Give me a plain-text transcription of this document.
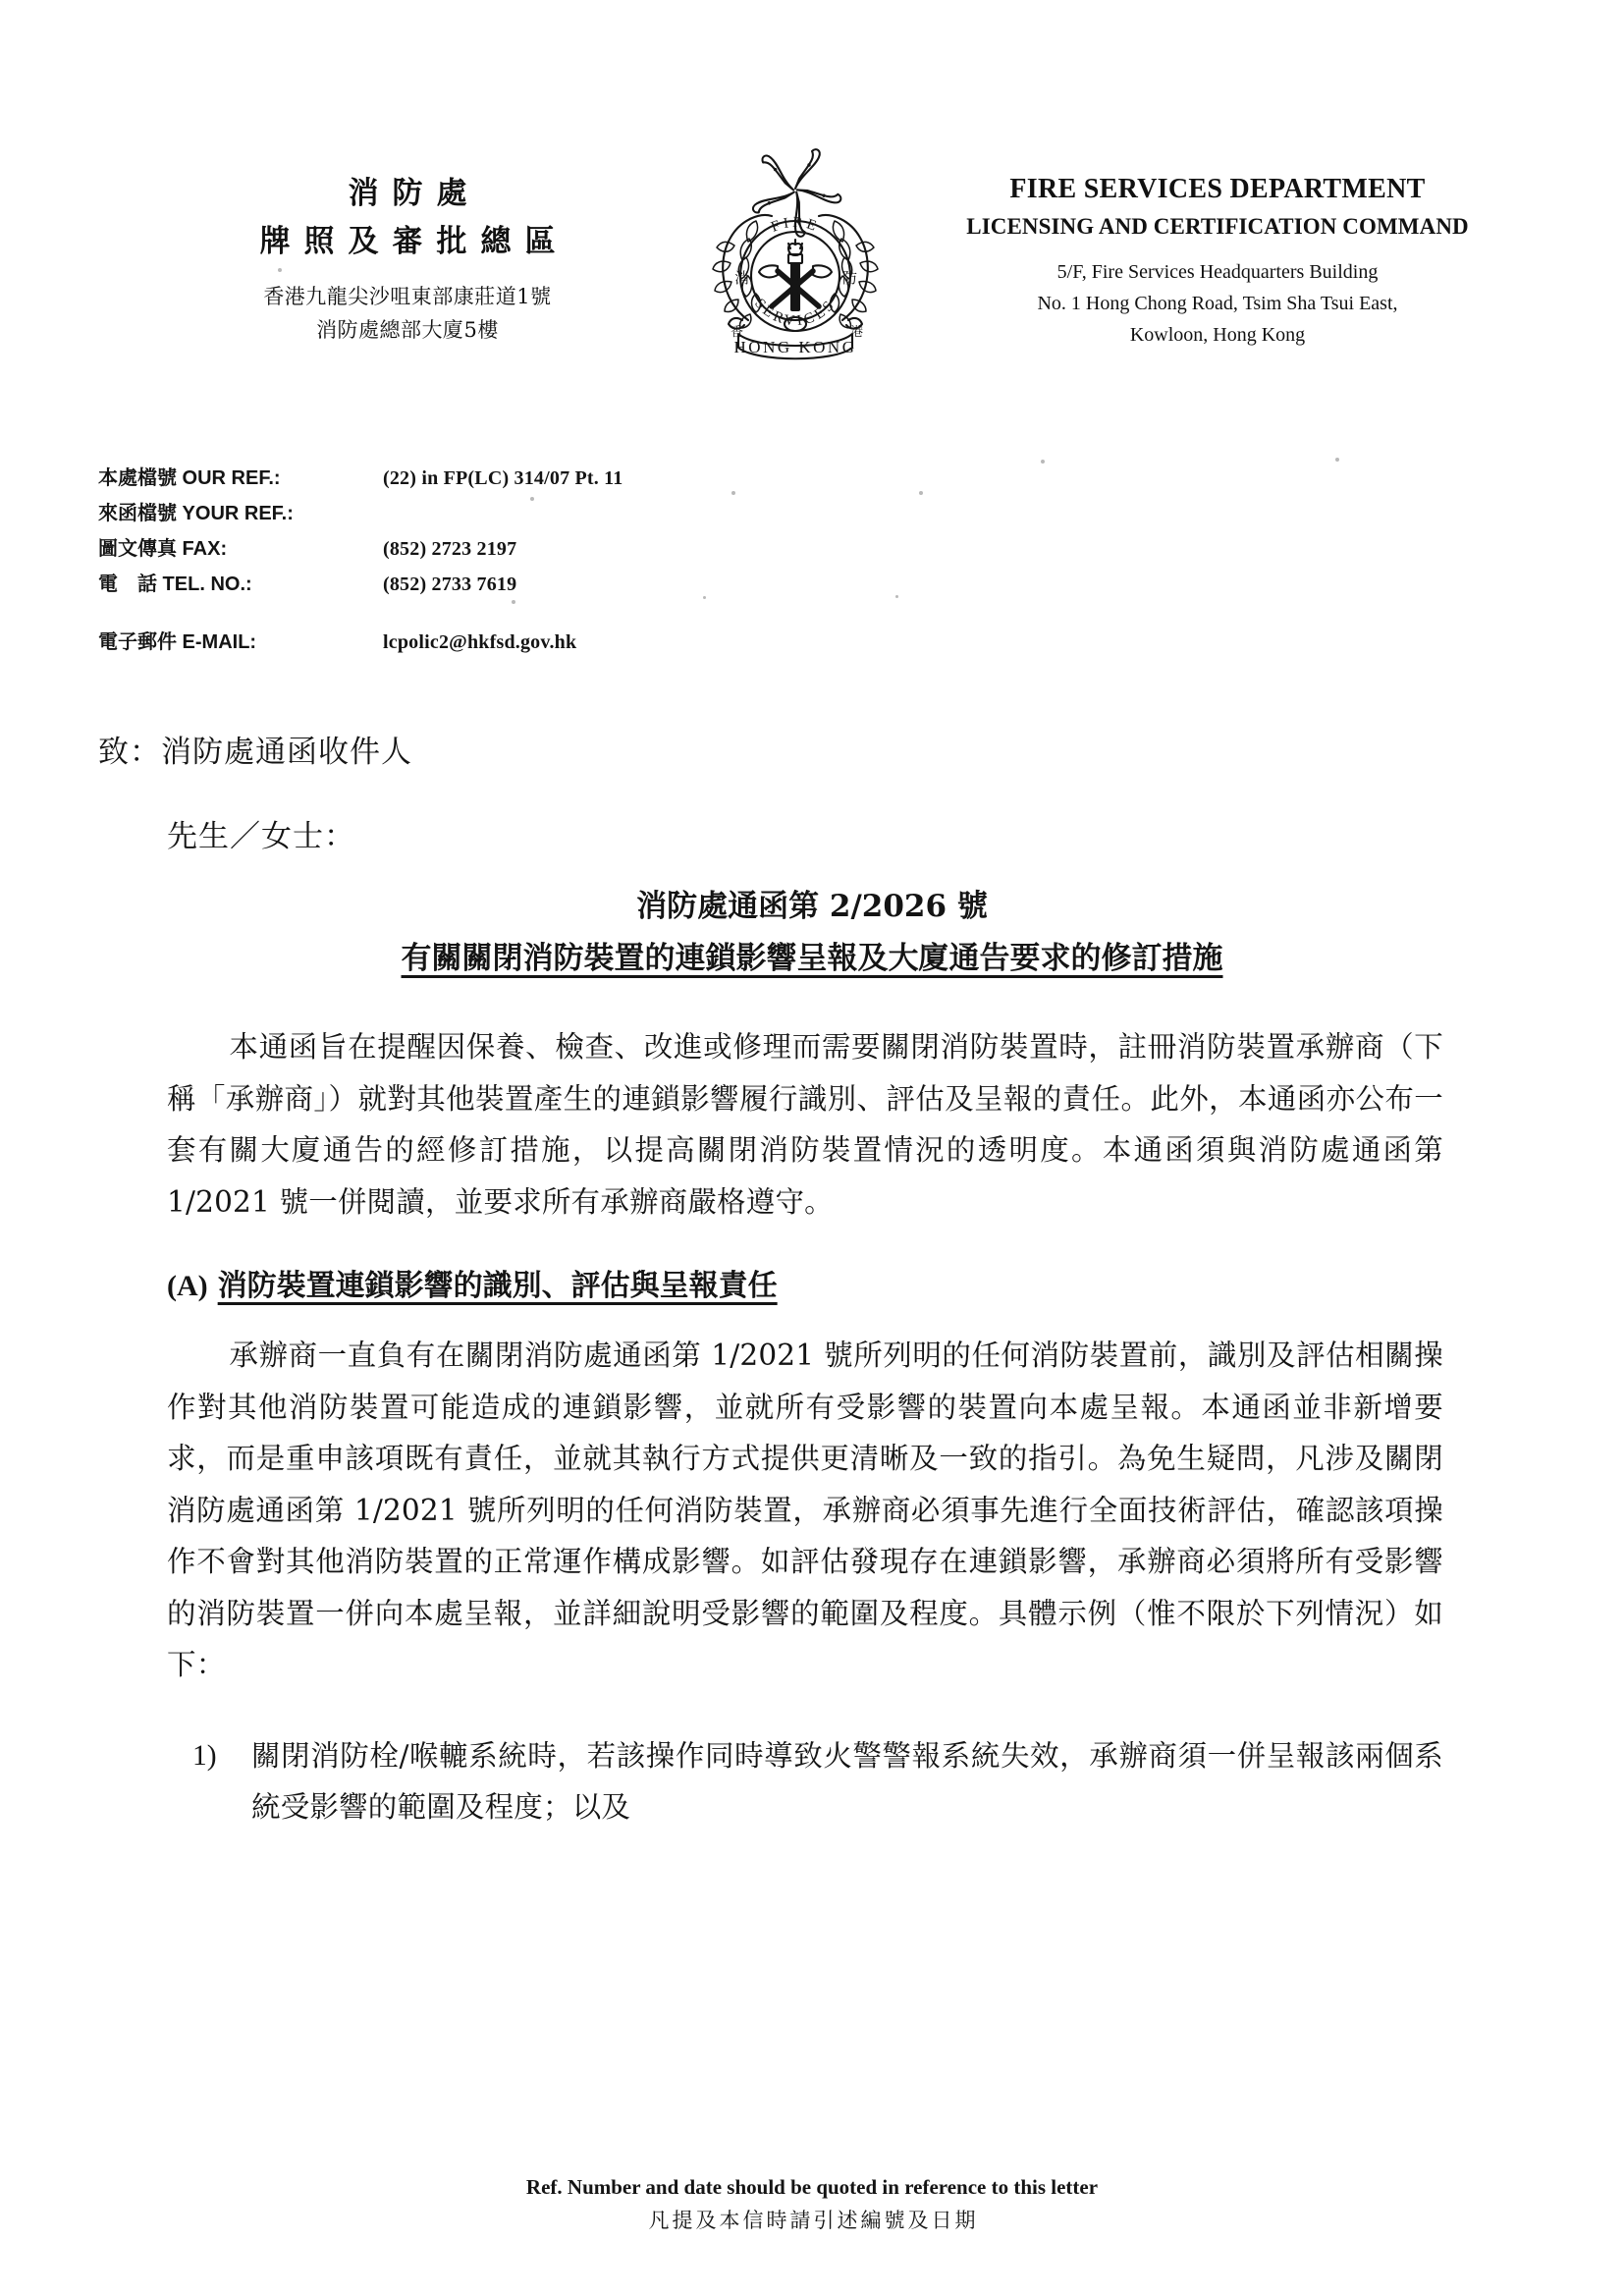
消防處
牌照及審批總區
香港九龍尖沙咀東部康莊道1號
消防處總部大廈5樓
FIRE
SERVICES
消	防
HONG KONG
香	港
FIRE SERVICES DEPARTMENT
LICENSING AND CERTIFICATION COMMAND
5/F, Fire Services Headquarters Building
No. 1 Hong Chong Road, Tsim Sha Tsui East,
Kowloon, Hong Kong
本處檔號 OUR REF.:	(22) in FP(LC) 314/07 Pt. 11
來函檔號 YOUR REF.:
圖文傳真 FAX:	(852) 2723 2197
電　話 TEL. NO.:	(852) 2733 7619
電子郵件 E-MAIL:	lcpolic2@hkfsd.gov.hk
致：消防處通函收件人
先生／女士：
消防處通函第 2/2026 號
有關關閉消防裝置的連鎖影響呈報及大廈通告要求的修訂措施

本通函旨在提醒因保養、檢查、改進或修理而需要關閉消防裝置時，註冊消防裝置承辦商（下稱「承辦商」）就對其他裝置產生的連鎖影響履行識別、評估及呈報的責任。此外，本通函亦公布一套有關大廈通告的經修訂措施，以提高關閉消防裝置情況的透明度。本通函須與消防處通函第 1/2021 號一併閱讀，並要求所有承辦商嚴格遵守。

(A) 消防裝置連鎖影響的識別、評估與呈報責任

承辦商一直負有在關閉消防處通函第 1/2021 號所列明的任何消防裝置前，識別及評估相關操作對其他消防裝置可能造成的連鎖影響，並就所有受影響的裝置向本處呈報。本通函並非新增要求，而是重申該項既有責任，並就其執行方式提供更清晰及一致的指引。為免生疑問，凡涉及關閉消防處通函第 1/2021 號所列明的任何消防裝置，承辦商必須事先進行全面技術評估，確認該項操作不會對其他消防裝置的正常運作構成影響。如評估發現存在連鎖影響，承辦商必須將所有受影響的消防裝置一併向本處呈報，並詳細說明受影響的範圍及程度。具體示例（惟不限於下列情況）如下：

1)	關閉消防栓/喉轆系統時，若該操作同時導致火警警報系統失效，承辦商須一併呈報該兩個系統受影響的範圍及程度；以及
Ref. Number and date should be quoted in reference to this letter
凡提及本信時請引述編號及日期
